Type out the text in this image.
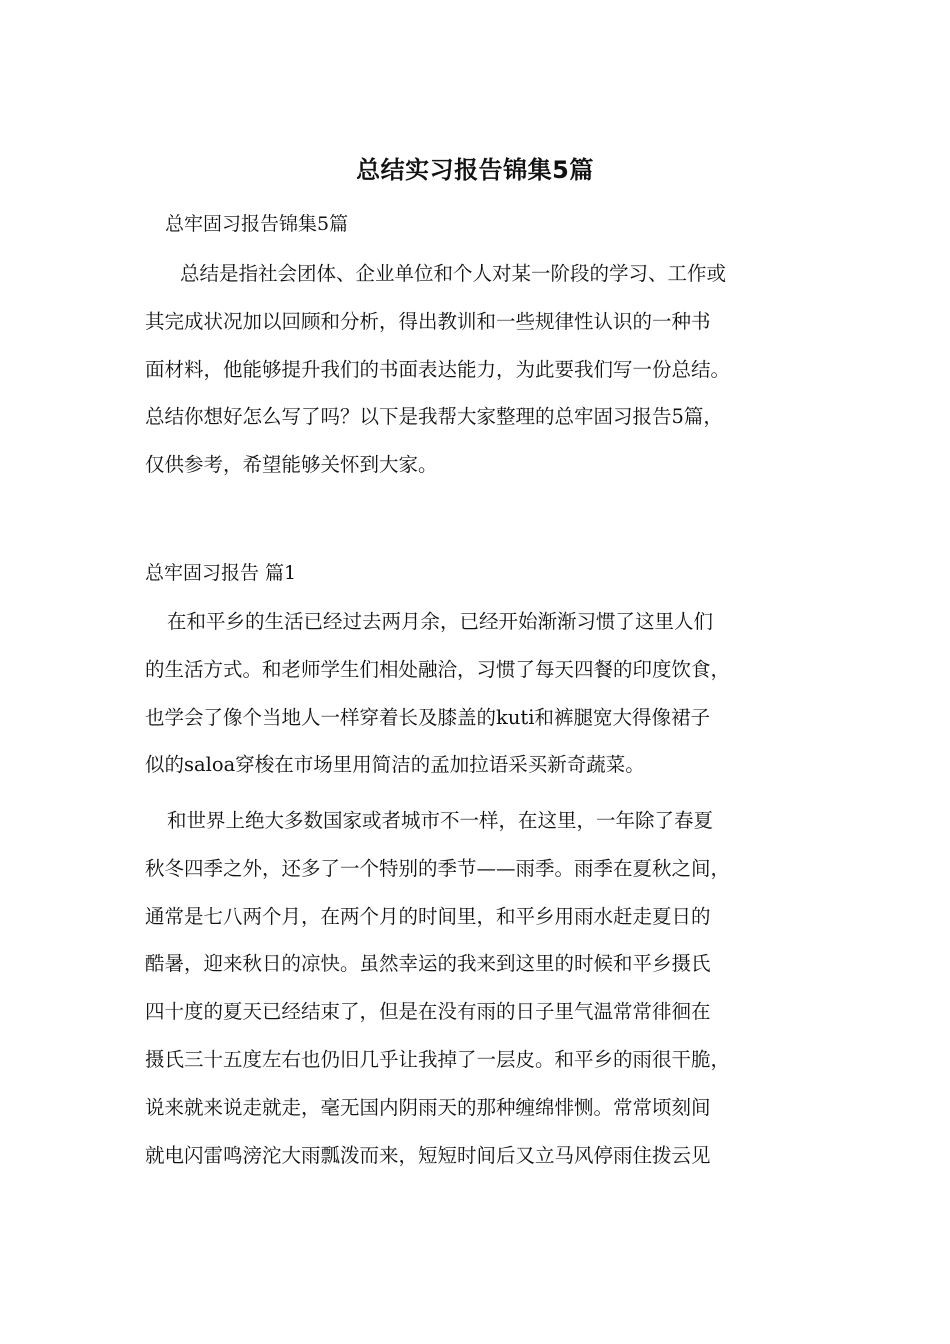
总结实习报告锦集5篇
总牢固习报告锦集5篇
总结是指社会团体、企业单位和个人对某一阶段的学习、工作或
其完成状况加以回顾和分析，得出教训和一些规律性认识的一种书
面材料，他能够提升我们的书面表达能力，为此要我们写一份总结。
总结你想好怎么写了吗？以下是我帮大家整理的总牢固习报告5篇，
仅供参考，希望能够关怀到大家。
总牢固习报告 篇1
在和平乡的生活已经过去两月余，已经开始渐渐习惯了这里人们
的生活方式。和老师学生们相处融洽，习惯了每天四餐的印度饮食，
也学会了像个当地人一样穿着长及膝盖的kuti和裤腿宽大得像裙子
似的saloa穿梭在市场里用简洁的孟加拉语采买新奇蔬菜。
和世界上绝大多数国家或者城市不一样，在这里，一年除了春夏
秋冬四季之外，还多了一个特别的季节——雨季。雨季在夏秋之间，
通常是七八两个月，在两个月的时间里，和平乡用雨水赶走夏日的
酷暑，迎来秋日的凉快。虽然幸运的我来到这里的时候和平乡摄氏
四十度的夏天已经结束了，但是在没有雨的日子里气温常常徘徊在
摄氏三十五度左右也仍旧几乎让我掉了一层皮。和平乡的雨很干脆，
说来就来说走就走，毫无国内阴雨天的那种缠绵悱恻。常常顷刻间
就电闪雷鸣滂沱大雨瓢泼而来，短短时间后又立马风停雨住拨云见
